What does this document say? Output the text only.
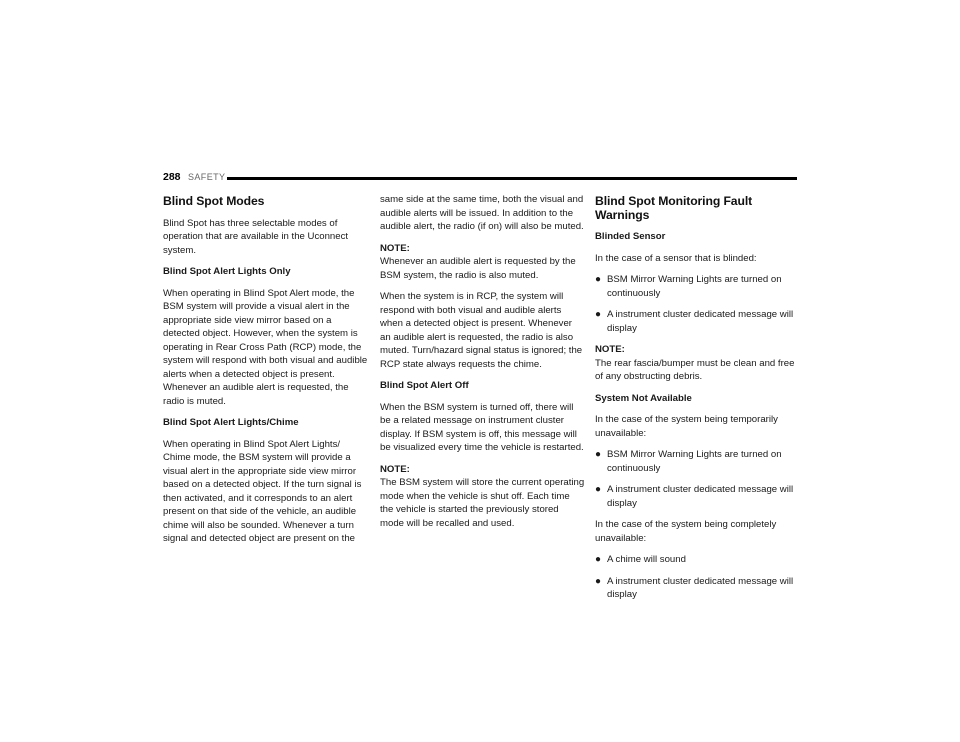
288 SAFETY
Blind Spot Modes

Blind Spot has three selectable modes of operation that are available in the Uconnect system.

Blind Spot Alert Lights Only

When operating in Blind Spot Alert mode, the BSM system will provide a visual alert in the appropriate side view mirror based on a detected object. However, when the system is operating in Rear Cross Path (RCP) mode, the system will respond with both visual and audible alerts when a detected object is present. Whenever an audible alert is requested, the radio is muted.

Blind Spot Alert Lights/Chime

When operating in Blind Spot Alert Lights/ Chime mode, the BSM system will provide a visual alert in the appropriate side view mirror based on a detected object. If the turn signal is then activated, and it corresponds to an alert present on that side of the vehicle, an audible chime will also be sounded. Whenever a turn signal and detected object are present on the

same side at the same time, both the visual and audible alerts will be issued. In addition to the audible alert, the radio (if on) will also be muted.

NOTE:
Whenever an audible alert is requested by the BSM system, the radio is also muted.

When the system is in RCP, the system will respond with both visual and audible alerts when a detected object is present. Whenever an audible alert is requested, the radio is also muted. Turn/hazard signal status is ignored; the RCP state always requests the chime.

Blind Spot Alert Off

When the BSM system is turned off, there will be a related message on instrument cluster display. If BSM system is off, this message will be visualized every time the vehicle is restarted.

NOTE:
The BSM system will store the current operating mode when the vehicle is shut off. Each time the vehicle is started the previously stored mode will be recalled and used.
Blind Spot Monitoring Fault Warnings

Blinded Sensor

In the case of a sensor that is blinded:

● BSM Mirror Warning Lights are turned on continuously
● A instrument cluster dedicated message will display
NOTE:
The rear fascia/bumper must be clean and free of any obstructing debris.

System Not Available

In the case of the system being temporarily unavailable:

● BSM Mirror Warning Lights are turned on continuously
● A instrument cluster dedicated message will display

In the case of the system being completely unavailable:

● A chime will sound
● A instrument cluster dedicated message will display
